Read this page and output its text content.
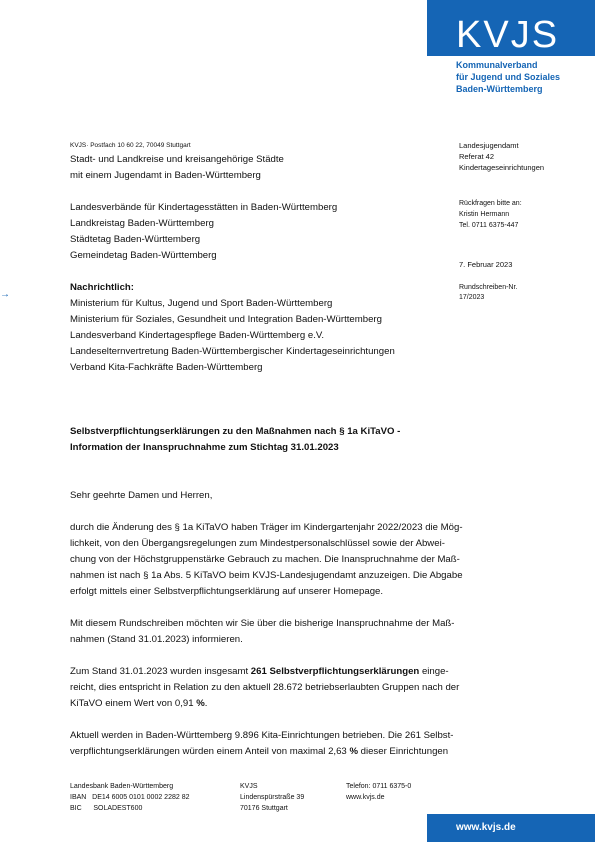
KVJS
Kommunalverband
für Jugend und Soziales
Baden-Württemberg
KVJS· Postfach 10 60 22, 70049 Stuttgart
Stadt- und Landkreise und kreisangehörige Städte
mit einem Jugendamt in Baden-Württemberg
Landesverbände für Kindertagesstätten in Baden-Württemberg
Landkreistag Baden-Württemberg
Städtetag Baden-Württemberg
Gemeindetag Baden-Württemberg
Nachrichtlich:
Ministerium für Kultus, Jugend und Sport Baden-Württemberg
Ministerium für Soziales, Gesundheit und Integration Baden-Württemberg
Landesverband Kindertagespflege Baden-Württemberg e.V.
Landeselternvertretung Baden-Württembergischer Kindertageseinrichtungen
Verband Kita-Fachkräfte Baden-Württemberg
Landesjugendamt
Referat 42
Kindertageseinrichtungen
Rückfragen bitte an:
Kristin Hermann
Tel. 0711 6375-447
7. Februar 2023
Rundschreiben-Nr.
17/2023
→
Selbstverpflichtungserklärungen zu den Maßnahmen nach § 1a KiTaVO -
Information der Inanspruchnahme zum Stichtag 31.01.2023
Sehr geehrte Damen und Herren,
durch die Änderung des § 1a KiTaVO haben Träger im Kindergartenjahr 2022/2023 die Mög-
lichkeit, von den Übergangsregelungen zum Mindestpersonalschlüssel sowie der Abwei-
chung von der Höchstgruppenstärke Gebrauch zu machen. Die Inanspruchnahme der Maß-
nahmen ist nach § 1a Abs. 5 KiTaVO beim KVJS-Landesjugendamt anzuzeigen. Die Abgabe
erfolgt mittels einer Selbstverpflichtungserklärung auf unserer Homepage.
Mit diesem Rundschreiben möchten wir Sie über die bisherige Inanspruchnahme der Maß-
nahmen (Stand 31.01.2023) informieren.
Zum Stand 31.01.2023 wurden insgesamt 261 Selbstverpflichtungserklärungen einge-
reicht, dies entspricht in Relation zu den aktuell 28.672 betriebserlaubten Gruppen nach der
KiTaVO einem Wert von 0,91 %.
Aktuell werden in Baden-Württemberg 9.896 Kita-Einrichtungen betrieben. Die 261 Selbst-
verpflichtungserklärungen würden einem Anteil von maximal 2,63 % dieser Einrichtungen
Landesbank Baden-Württemberg
IBAN   DE14 6005 0101 0002 2282 82
BIC      SOLADEST600
KVJS
Lindenspürstraße 39
70176 Stuttgart
Telefon: 0711 6375-0
www.kvjs.de
www.kvjs.de
